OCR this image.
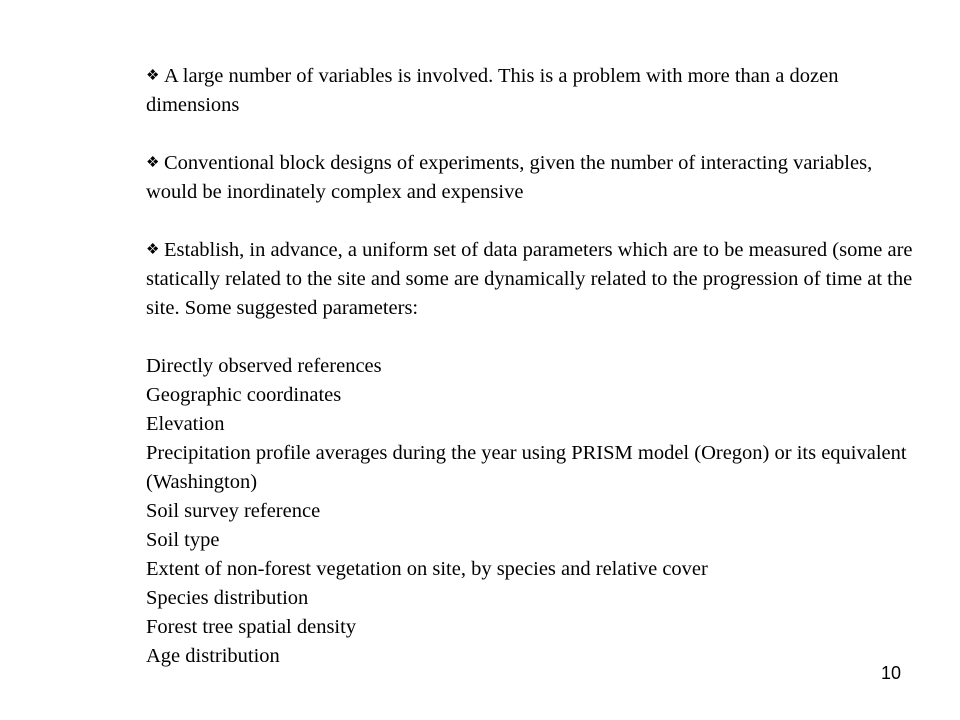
❖ A large number of variables is involved. This is a problem with more than a dozen dimensions

❖ Conventional block designs of experiments, given the number of interacting variables, would be inordinately complex and expensive

❖ Establish, in advance, a uniform set of data parameters which are to be measured (some are statically related to the site and some are dynamically related to the progression of time at the site. Some suggested parameters:

Directly observed references
Geographic coordinates
Elevation
Precipitation profile averages during the year using PRISM model (Oregon) or its equivalent (Washington)
Soil survey reference
Soil type
Extent of non-forest vegetation on site, by species and relative cover
Species distribution
Forest tree spatial density
Age distribution
10
